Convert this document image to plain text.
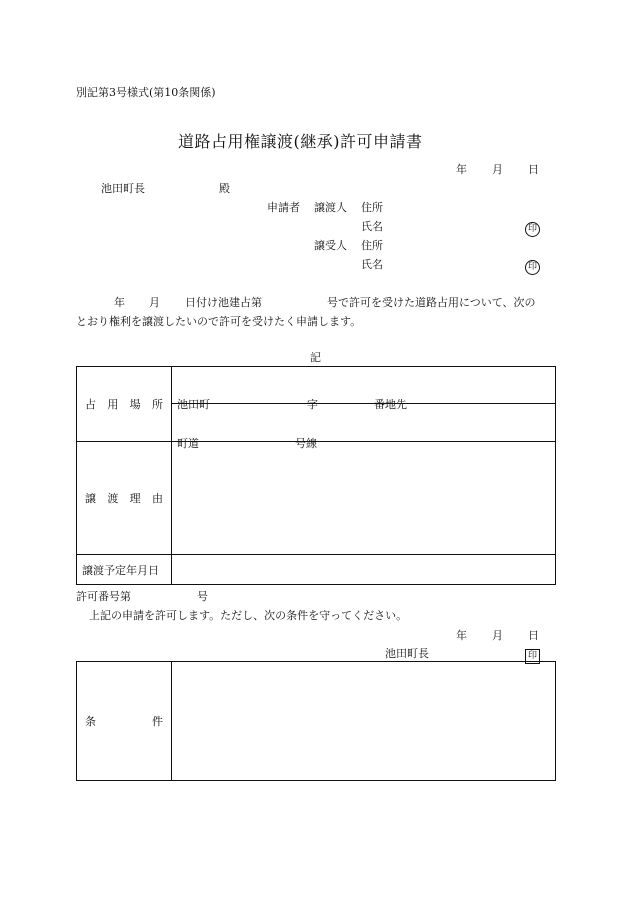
別記第3号様式(第10条関係)
道路占用権譲渡(継承)許可申請書
年 月 日
池田町長	殿
申請者 譲渡人 住所
氏名	印
譲受人 住所
氏名	印
年 月 日付け池建占第	号で許可を受けた道路占用について、次の
とおり権利を譲渡したいので許可を受けたく申請します。
記
占 用 場 所	池田町 字 番地先

	町道 号線

譲 渡 理 由	

譲渡予定年月日	

許可番号第	号
上記の申請を許可します。ただし、次の条件を守ってください。
年 月 日
池田町長	印
条	件
